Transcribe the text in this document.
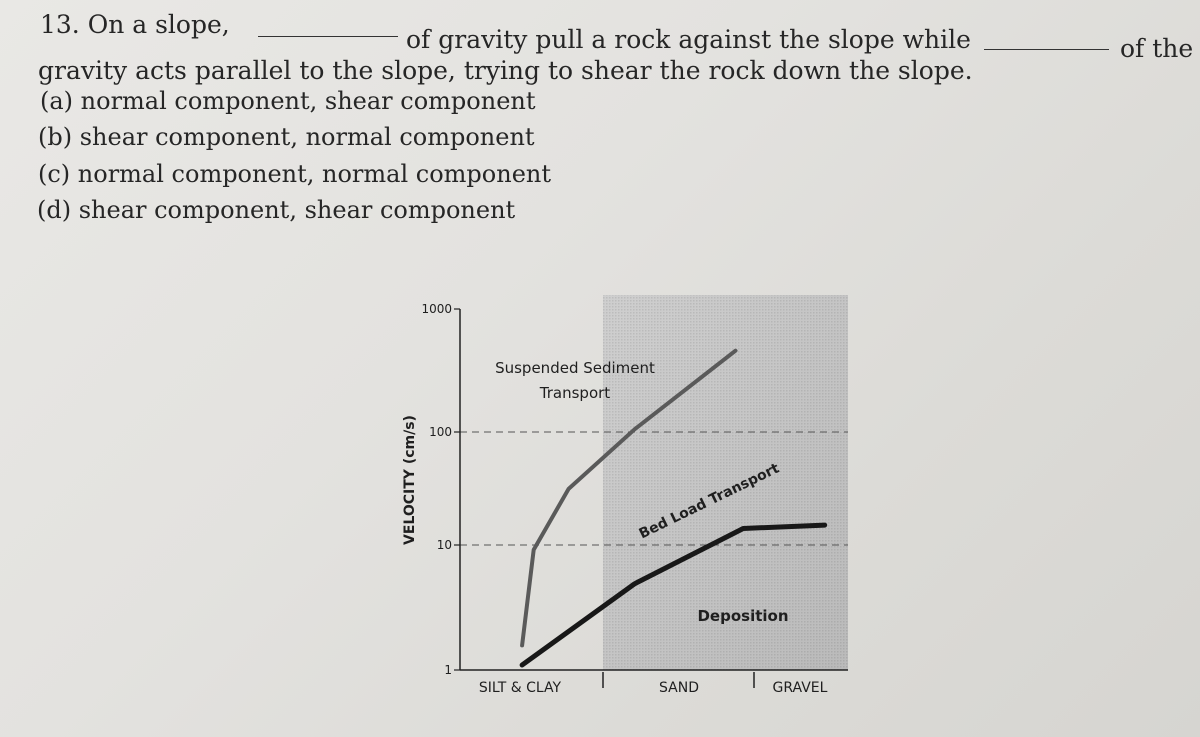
13. On a slope,
of gravity pull a rock against the slope while	of the
gravity acts parallel to the slope, trying to shear the rock down the slope.
(a) normal component, shear component
(b) shear component, normal component
(c) normal component, normal component
(d) shear component, shear component
1000
100
10
1
VELOCITY (cm/s)
SILT & CLAY	SAND	GRAVEL
Suspended Sediment
Transport
Bed Load Transport
Deposition
